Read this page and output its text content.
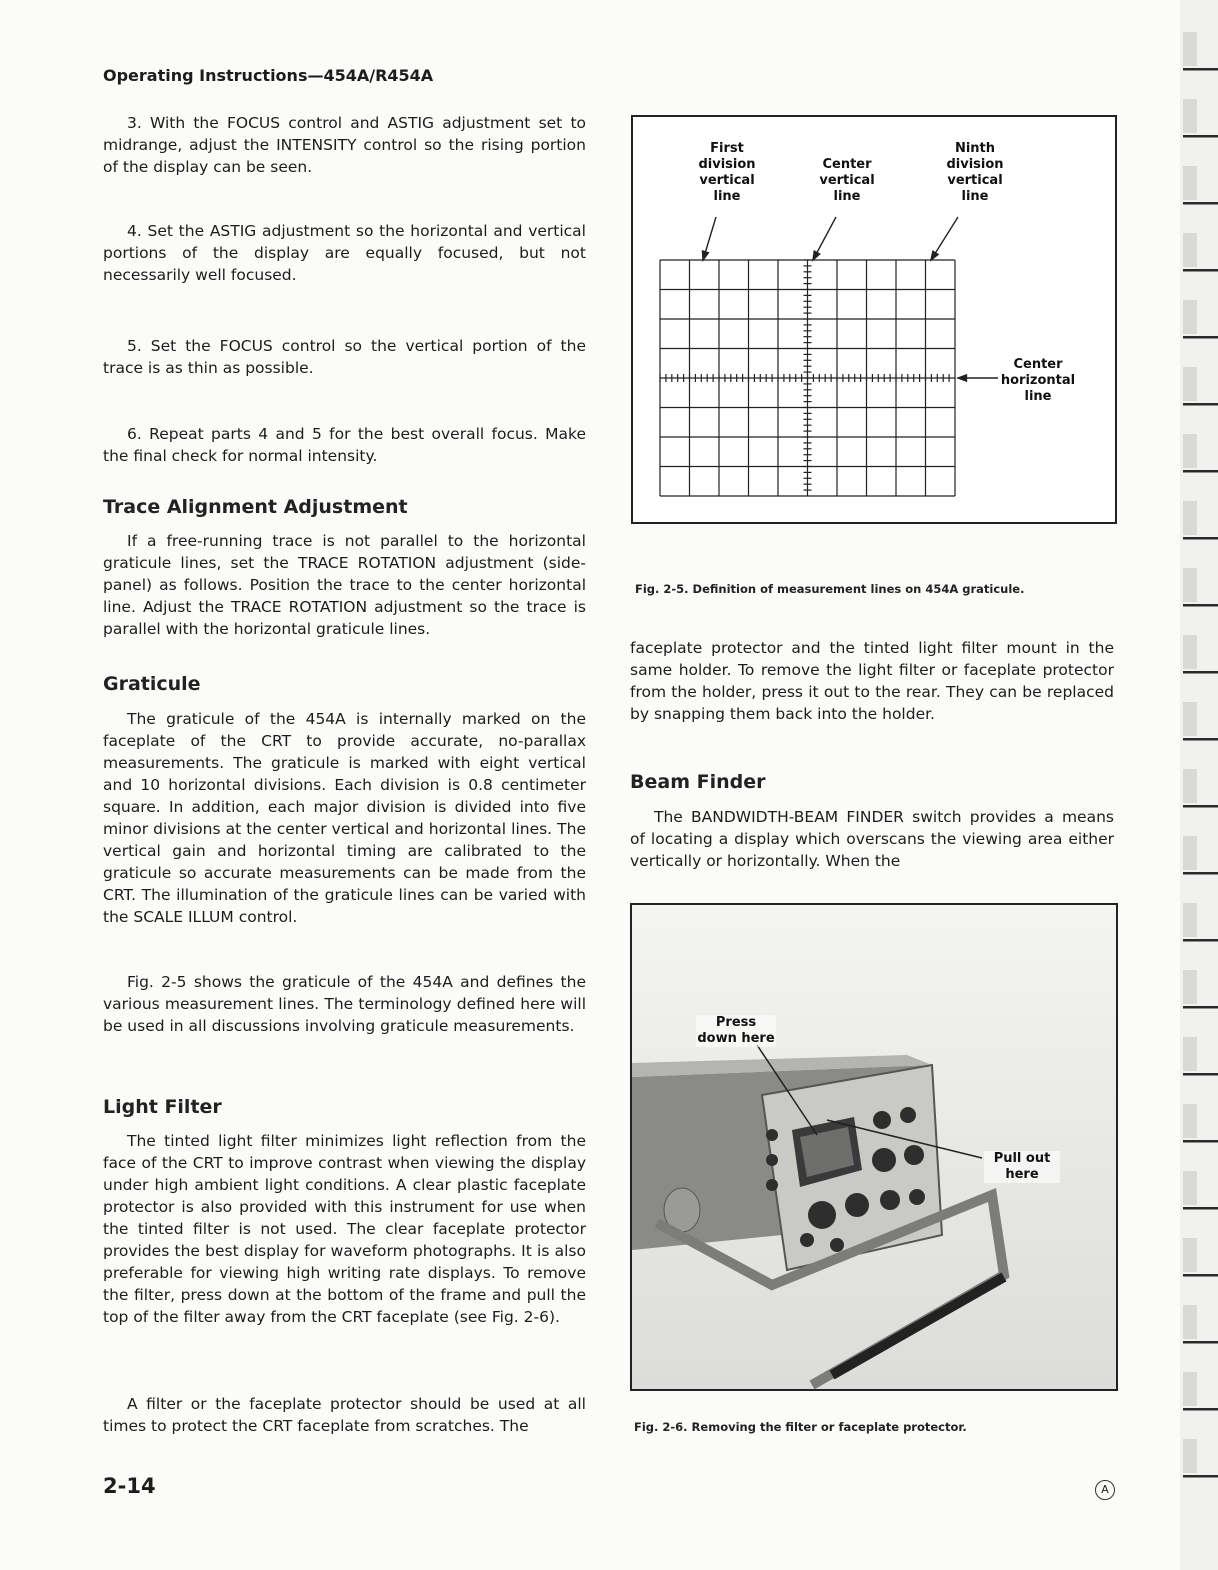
Operating Instructions—454A/R454A

3. With the FOCUS control and ASTIG adjustment set to midrange, adjust the INTENSITY control so the rising portion of the display can be seen.

4. Set the ASTIG adjustment so the horizontal and vertical portions of the display are equally focused, but not necessarily well focused.

5. Set the FOCUS control so the vertical portion of the trace is as thin as possible.

6. Repeat parts 4 and 5 for the best overall focus. Make the final check for normal intensity.

Trace Alignment Adjustment

If a free-running trace is not parallel to the horizontal graticule lines, set the TRACE ROTATION adjustment (side-panel) as follows. Position the trace to the center horizontal line. Adjust the TRACE ROTATION adjustment so the trace is parallel with the horizontal graticule lines.

Graticule

The graticule of the 454A is internally marked on the faceplate of the CRT to provide accurate, no-parallax measurements. The graticule is marked with eight vertical and 10 horizontal divisions. Each division is 0.8 centimeter square. In addition, each major division is divided into five minor divisions at the center vertical and horizontal lines. The vertical gain and horizontal timing are calibrated to the graticule so accurate measurements can be made from the CRT. The illumination of the graticule lines can be varied with the SCALE ILLUM control.

Fig. 2-5 shows the graticule of the 454A and defines the various measurement lines. The terminology defined here will be used in all discussions involving graticule measurements.

Light Filter

The tinted light filter minimizes light reflection from the face of the CRT to improve contrast when viewing the display under high ambient light conditions. A clear plastic faceplate protector is also provided with this instrument for use when the tinted filter is not used. The clear faceplate protector provides the best display for waveform photographs. It is also preferable for viewing high writing rate displays. To remove the filter, press down at the bottom of the frame and pull the top of the filter away from the CRT faceplate (see Fig. 2-6).

A filter or the faceplate protector should be used at all times to protect the CRT faceplate from scratches. The

First division vertical line
Center vertical line
Ninth division vertical line
Center horizontal line
Fig. 2-5. Definition of measurement lines on 454A graticule.

faceplate protector and the tinted light filter mount in the same holder. To remove the light filter or faceplate protector from the holder, press it out to the rear. They can be replaced by snapping them back into the holder.

Beam Finder

The BANDWIDTH-BEAM FINDER switch provides a means of locating a display which overscans the viewing area either vertically or horizontally. When the

Press down here
Pull out here
Fig. 2-6. Removing the filter or faceplate protector.
2-14	A
